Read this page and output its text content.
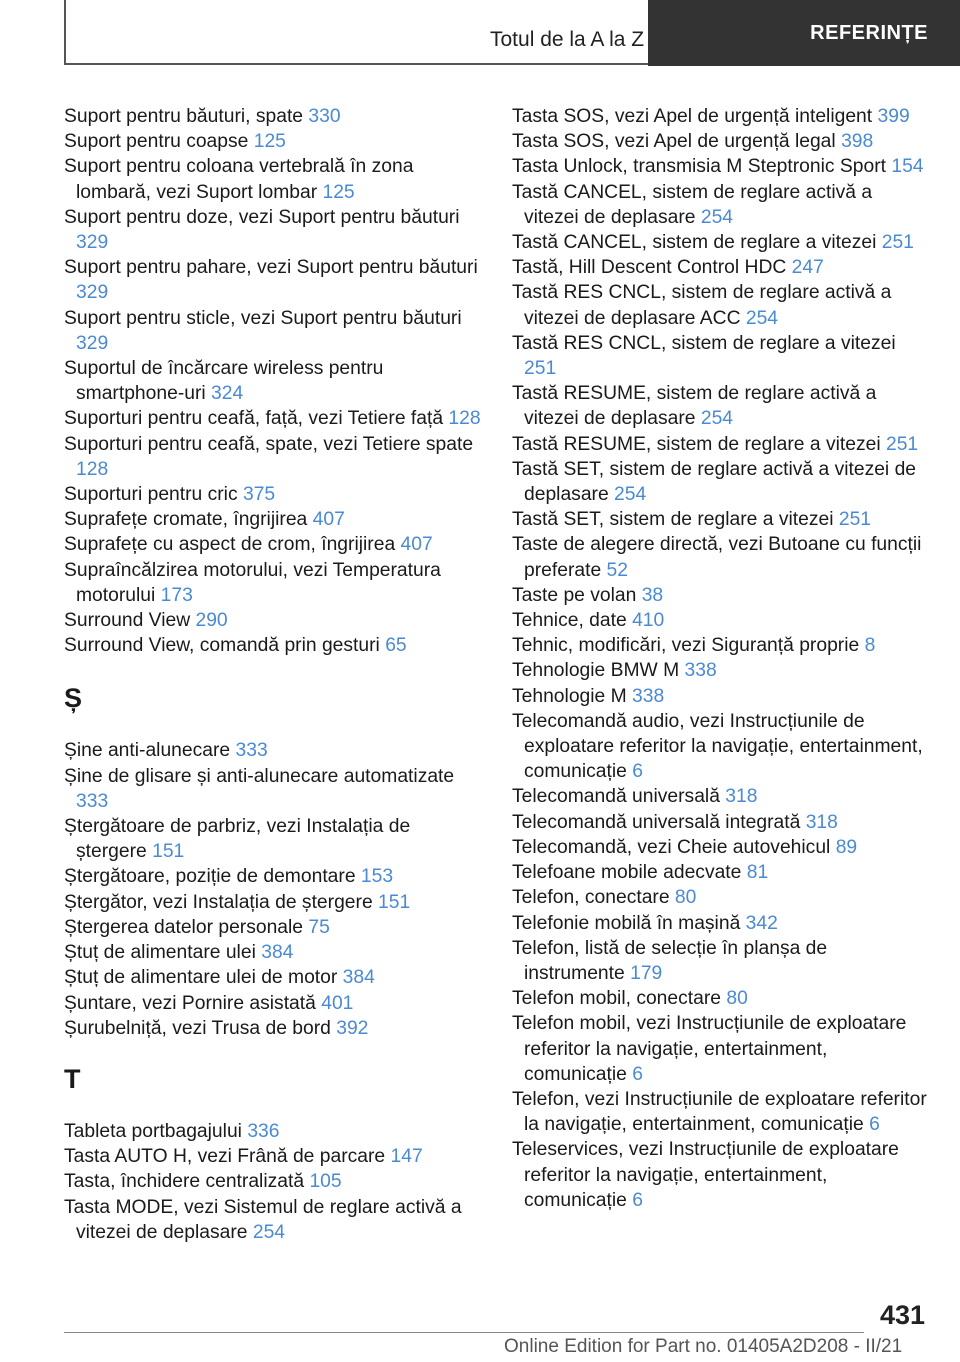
Totul de la A la Z	REFERINȚE
Suport pentru băuturi, spate 330
Suport pentru coapse 125
Suport pentru coloana vertebrală în zona lombară, vezi Suport lombar 125
Suport pentru doze, vezi Suport pentru băuturi 329
Suport pentru pahare, vezi Suport pentru băuturi 329
Suport pentru sticle, vezi Suport pentru băuturi 329
Suportul de încărcare wireless pentru smartphone-uri 324
Suporturi pentru ceafă, față, vezi Tetiere față 128
Suporturi pentru ceafă, spate, vezi Tetiere spate 128
Suporturi pentru cric 375
Suprafețe cromate, îngrijirea 407
Suprafețe cu aspect de crom, îngrijirea 407
Supraîncălzirea motorului, vezi Temperatura motorului 173
Surround View 290
Surround View, comandă prin gesturi 65
Ș
Șine anti-alunecare 333
Șine de glisare și anti-alunecare automatizate 333
Ștergătoare de parbriz, vezi Instalația de ștergere 151
Ștergătoare, poziție de demontare 153
Ștergător, vezi Instalația de ștergere 151
Ștergerea datelor personale 75
Ștuț de alimentare ulei 384
Ștuț de alimentare ulei de motor 384
Șuntare, vezi Pornire asistată 401
Șurubelniță, vezi Trusa de bord 392
T
Tableta portbagajului 336
Tasta AUTO H, vezi Frână de parcare 147
Tasta, închidere centralizată 105
Tasta MODE, vezi Sistemul de reglare activă a vitezei de deplasare 254
Tasta SOS, vezi Apel de urgență inteligent 399
Tasta SOS, vezi Apel de urgență legal 398
Tasta Unlock, transmisia M Steptronic Sport 154
Tastă CANCEL, sistem de reglare activă a vitezei de deplasare 254
Tastă CANCEL, sistem de reglare a vitezei 251
Tastă, Hill Descent Control HDC 247
Tastă RES CNCL, sistem de reglare activă a vitezei de deplasare ACC 254
Tastă RES CNCL, sistem de reglare a vitezei 251
Tastă RESUME, sistem de reglare activă a vitezei de deplasare 254
Tastă RESUME, sistem de reglare a vitezei 251
Tastă SET, sistem de reglare activă a vitezei de deplasare 254
Tastă SET, sistem de reglare a vitezei 251
Taste de alegere directă, vezi Butoane cu funcții preferate 52
Taste pe volan 38
Tehnice, date 410
Tehnic, modificări, vezi Siguranță proprie 8
Tehnologie BMW M 338
Tehnologie M 338
Telecomandă audio, vezi Instrucțiunile de exploatare referitor la navigație, entertainment, comunicație 6
Telecomandă universală 318
Telecomandă universală integrată 318
Telecomandă, vezi Cheie autovehicul 89
Telefoane mobile adecvate 81
Telefon, conectare 80
Telefonie mobilă în mașină 342
Telefon, listă de selecție în planșa de instrumente 179
Telefon mobil, conectare 80
Telefon mobil, vezi Instrucțiunile de exploatare referitor la navigație, entertainment, comunicație 6
Telefon, vezi Instrucțiunile de exploatare referitor la navigație, entertainment, comunicație 6
Teleservices, vezi Instrucțiunile de exploatare referitor la navigație, entertainment, comunicație 6
431
Online Edition for Part no. 01405A2D208 - II/21
